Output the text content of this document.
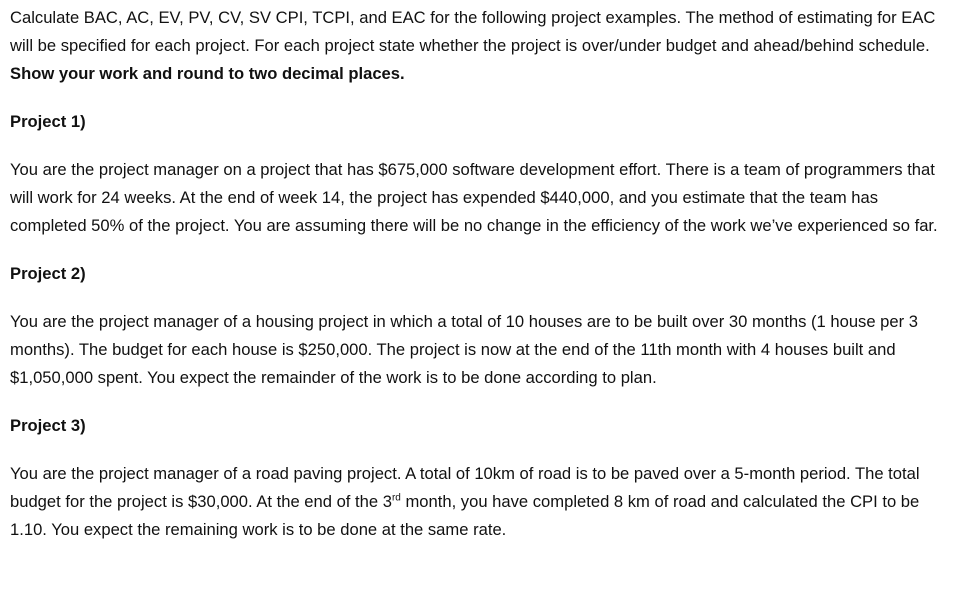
Calculate BAC, AC, EV, PV, CV, SV CPI, TCPI, and EAC for the following project examples. The method of estimating for EAC will be specified for each project. For each project state whether the project is over/under budget and ahead/behind schedule. Show your work and round to two decimal places.

Project 1)

You are the project manager on a project that has $675,000 software development effort. There is a team of programmers that will work for 24 weeks. At the end of week 14, the project has expended $440,000, and you estimate that the team has completed 50% of the project. You are assuming there will be no change in the efficiency of the work we’ve experienced so far.

Project 2)

You are the project manager of a housing project in which a total of 10 houses are to be built over 30 months (1 house per 3 months). The budget for each house is $250,000. The project is now at the end of the 11th month with 4 houses built and $1,050,000 spent. You expect the remainder of the work is to be done according to plan.

Project 3)

You are the project manager of a road paving project. A total of 10km of road is to be paved over a 5-month period. The total budget for the project is $30,000. At the end of the 3rd month, you have completed 8 km of road and calculated the CPI to be 1.10. You expect the remaining work is to be done at the same rate.
